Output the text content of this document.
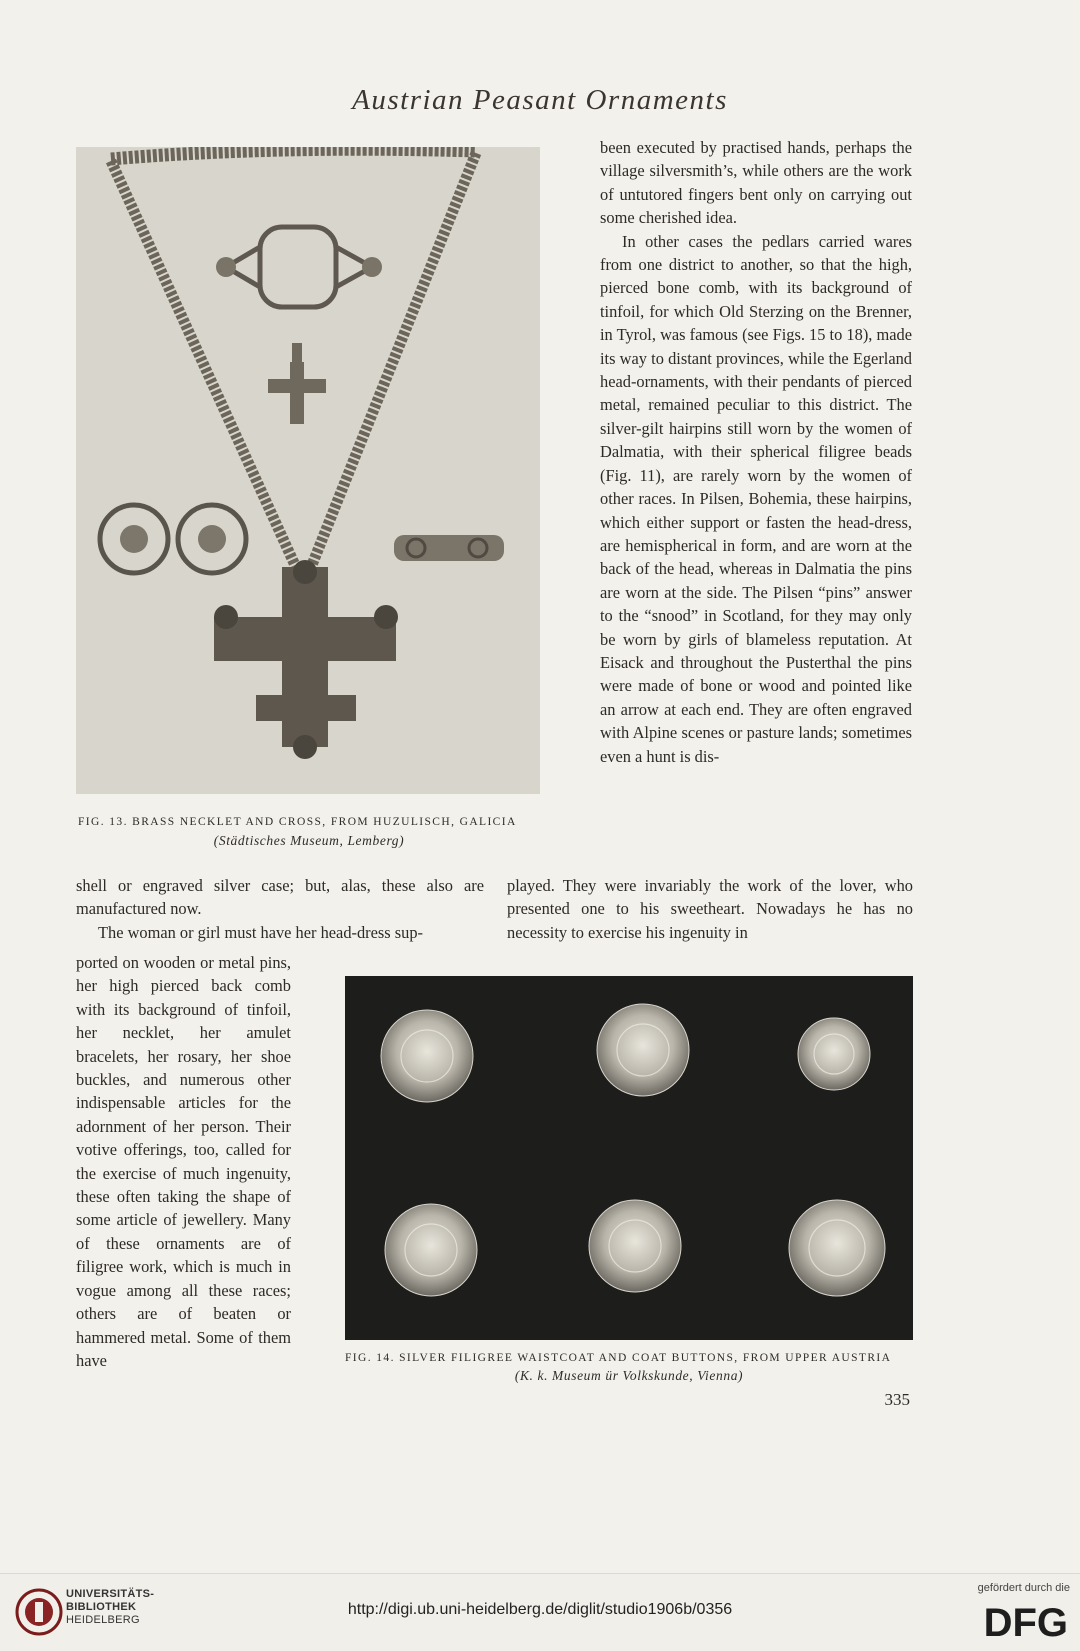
Austrian Peasant Ornaments
FIG. 13. BRASS NECKLET AND CROSS, FROM HUZULISCH, GALICIA
(Städtisches Museum, Lemberg)

been executed by practised hands, perhaps the village silversmith’s, while others are the work of untutored fingers bent only on carrying out some cherished idea.

In other cases the pedlars carried wares from one district to another, so that the high, pierced bone comb, with its background of tinfoil, for which Old Sterzing on the Brenner, in Tyrol, was famous (see Figs. 15 to 18), made its way to distant provinces, while the Egerland head-ornaments, with their pendants of pierced metal, remained peculiar to this district. The silver-gilt hairpins still worn by the women of Dalmatia, with their spherical filigree beads (Fig. 11), are rarely worn by the women of other races. In Pilsen, Bohemia, these hairpins, which either support or fasten the head-dress, are hemispherical in form, and are worn at the back of the head, whereas in Dalmatia the pins are worn at the side. The Pilsen “pins” answer to the “snood” in Scotland, for they may only be worn by girls of blameless reputation. At Eisack and throughout the Pusterthal the pins were made of bone or wood and pointed like an arrow at each end. They are often engraved with Alpine scenes or pasture lands; sometimes even a hunt is dis-

shell or engraved silver case; but, alas, these also are manufactured now.

The woman or girl must have her head-dress sup-

played. They were invariably the work of the lover, who presented one to his sweetheart. Nowadays he has no necessity to exercise his ingenuity in

ported on wooden or metal pins, her high pierced back comb with its background of tinfoil, her necklet, her amulet bracelets, her rosary, her shoe buckles, and numerous other indispensable articles for the adornment of her person. Their votive offerings, too, called for the exercise of much ingenuity, these often taking the shape of some article of jewellery. Many of these ornaments are of filigree work, which is much in vogue among all these races; others are of beaten or hammered metal. Some of them have	FIG. 14. SILVER FILIGREE WAISTCOAT AND COAT BUTTONS, FROM UPPER AUSTRIA
(K. k. Museum ür Volkskunde, Vienna)
335
UNIVERSITÄTS-
BIBLIOTHEK
HEIDELBERG
http://digi.ub.uni-heidelberg.de/diglit/studio1906b/0356
gefördert durch die
DFG
